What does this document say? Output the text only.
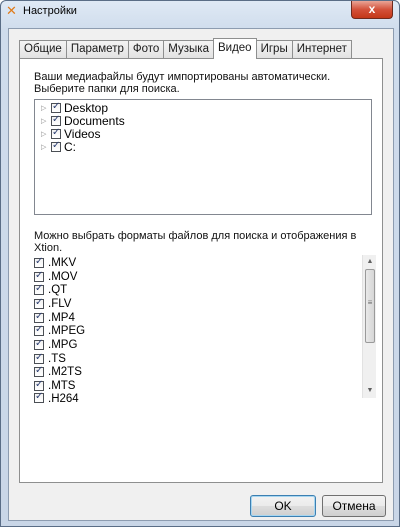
✕ Настройки	x
Общие Параметр Фото Музыка Видео Игры Интернет
Ваши медиафайлы будут импортированы автоматически. Выберите папки для поиска.
▷ ✓	Desktop
▷ ✓	Documents
▷ ✓	Videos
▷ ✓	C:
Можно выбрать форматы файлов для поиска и отображения в Xtion.
✓
.MKV
✓
.MOV
✓
.QT
✓
.FLV
✓
.MP4
✓
.MPEG
✓
.MPG
✓
.TS
✓
.M2TS
✓
.MTS
✓
.H264
▲
≡
▼
OK	Отмена
